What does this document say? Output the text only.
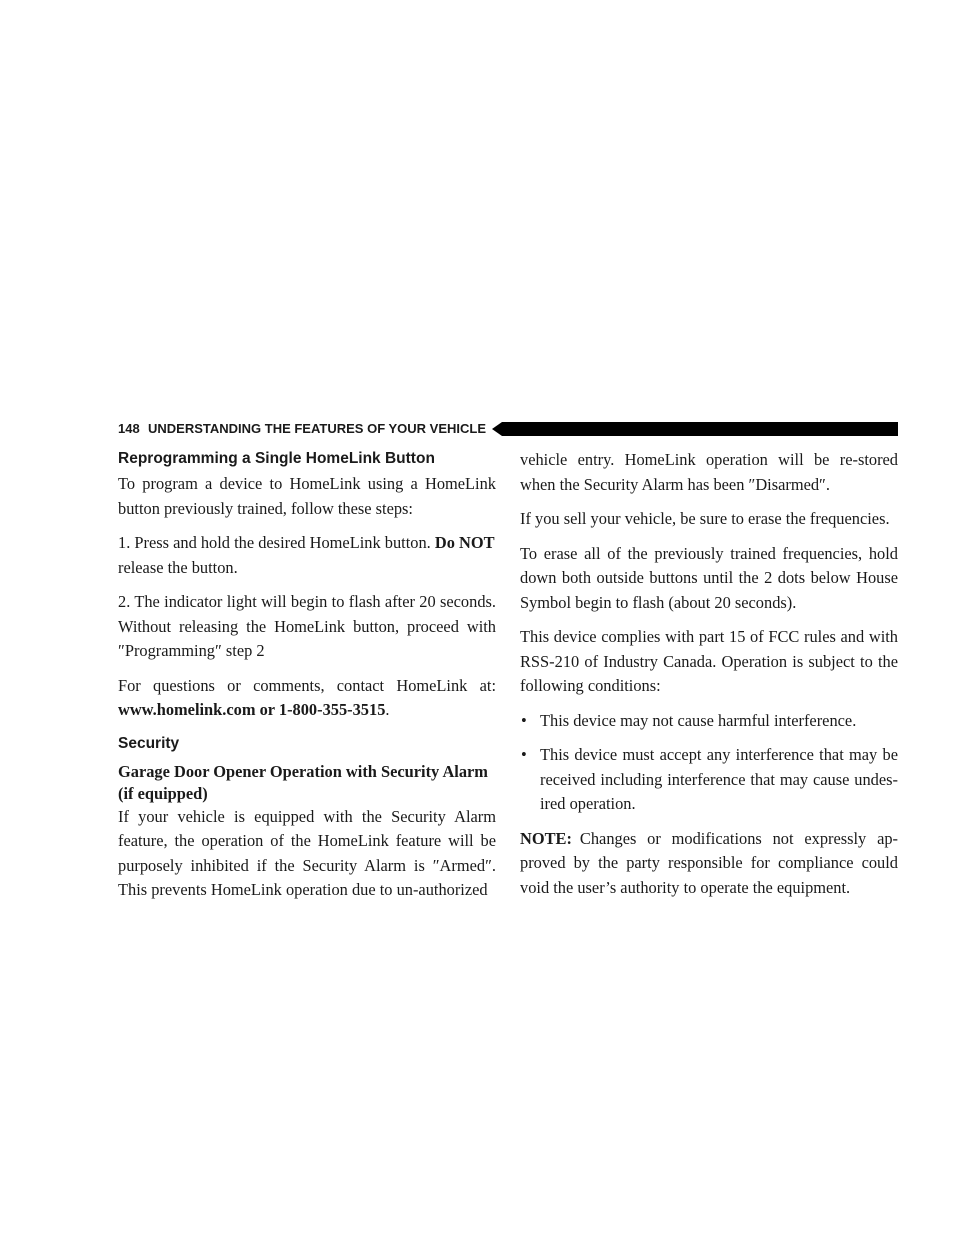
148 UNDERSTANDING THE FEATURES OF YOUR VEHICLE
Reprogramming a Single HomeLink Button

To program a device to HomeLink using a HomeLink button previously trained, follow these steps:

1. Press and hold the desired HomeLink button. Do NOT release the button.

2. The indicator light will begin to flash after 20 seconds. Without releasing the HomeLink button, proceed with ″Programming″ step 2

For questions or comments, contact HomeLink at: www.homelink.com or 1-800-355-3515.

Security
Garage Door Opener Operation with Security Alarm (if equipped)

If your vehicle is equipped with the Security Alarm feature, the operation of the HomeLink feature will be purposely inhibited if the Security Alarm is ″Armed″. This prevents HomeLink operation due to un-authorized

vehicle entry. HomeLink operation will be re-stored when the Security Alarm has been ″Disarmed″.

If you sell your vehicle, be sure to erase the frequencies.

To erase all of the previously trained frequencies, hold down both outside buttons until the 2 dots below House Symbol begin to flash (about 20 seconds).

This device complies with part 15 of FCC rules and with RSS-210 of Industry Canada. Operation is subject to the following conditions:

• This device may not cause harmful interference.
• This device must accept any interference that may be received including interference that may cause undes-ired operation.

NOTE: Changes or modifications not expressly ap-proved by the party responsible for compliance could void the user’s authority to operate the equipment.
